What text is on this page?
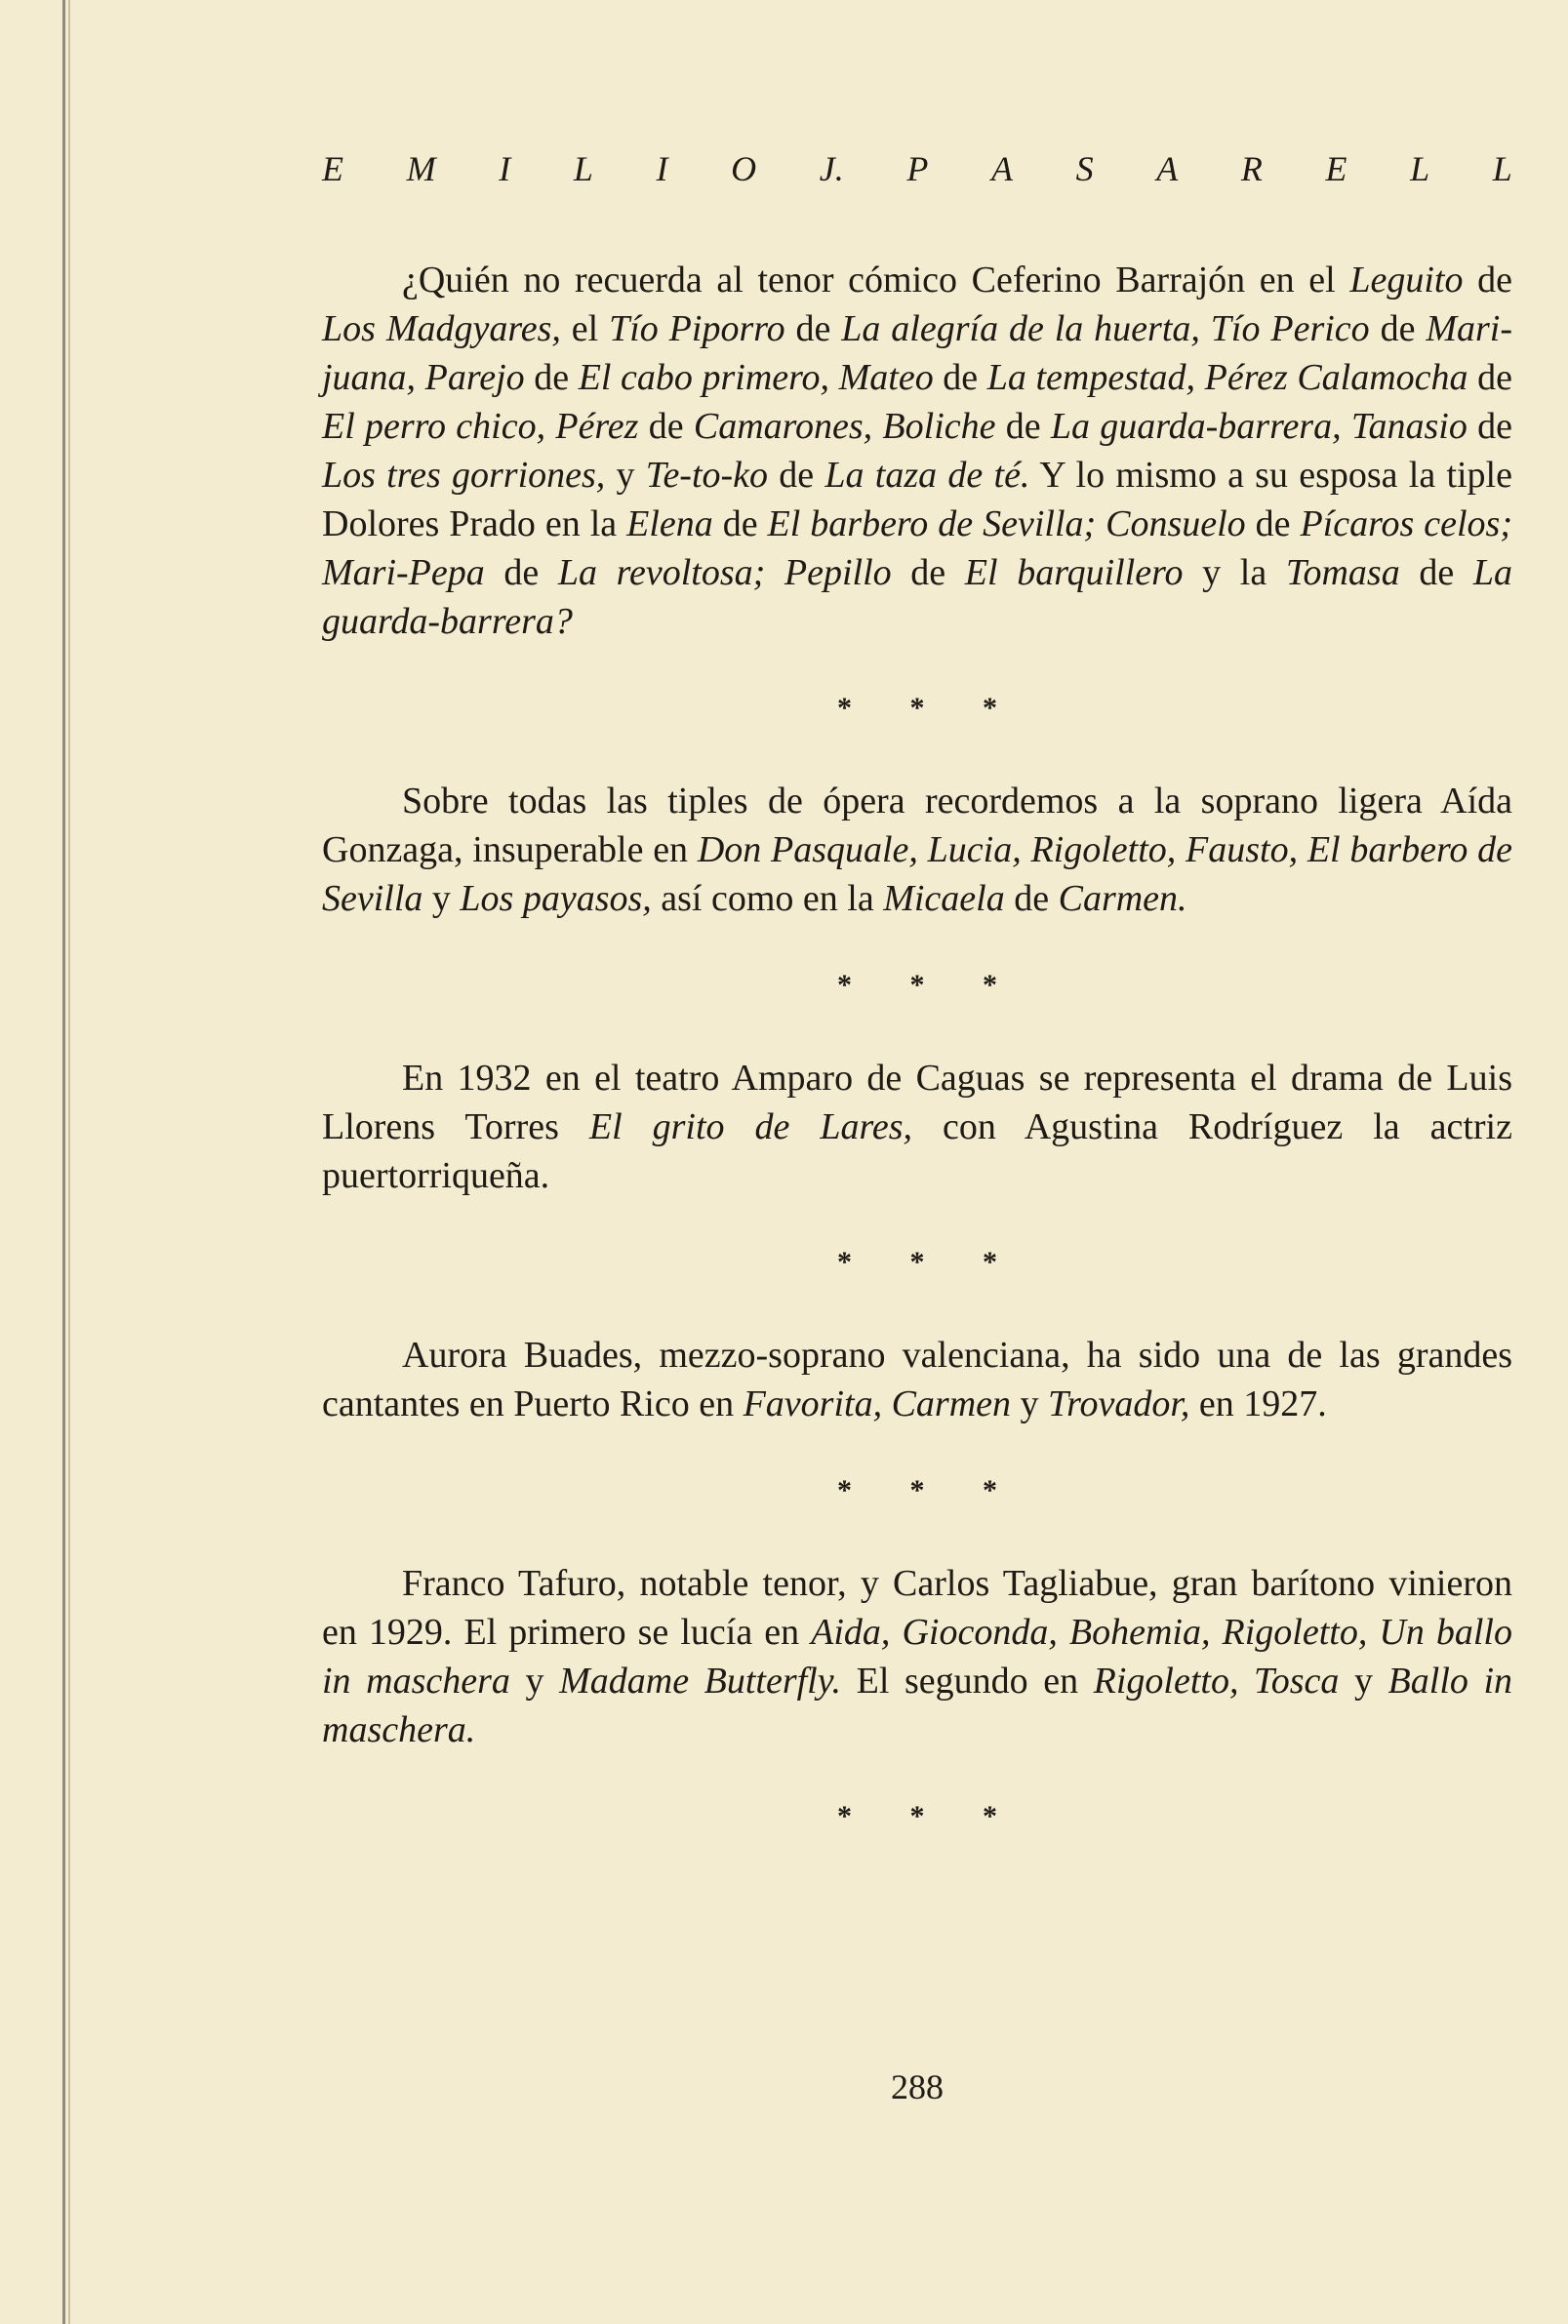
E M I L I O J. P A S A R E L L

¿Quién no recuerda al tenor cómico Ceferino Barrajón en el Leguito de Los Madgyares, el Tío Piporro de La alegría de la huerta, Tío Perico de Mari-juana, Parejo de El cabo primero, Mateo de La tempestad, Pérez Calamocha de El perro chico, Pérez de Camarones, Boliche de La guarda-barrera, Tanasio de Los tres gorriones, y Te-to-ko de La taza de té. Y lo mismo a su esposa la tiple Dolores Prado en la Elena de El barbero de Sevilla; Consuelo de Pícaros celos; Mari-Pepa de La revoltosa; Pepillo de El barquillero y la Tomasa de La guarda-barrera?

* * *

Sobre todas las tiples de ópera recordemos a la soprano ligera Aída Gonzaga, insuperable en Don Pasquale, Lucia, Rigoletto, Fausto, El barbero de Sevilla y Los payasos, así como en la Micaela de Carmen.

* * *

En 1932 en el teatro Amparo de Caguas se representa el drama de Luis Llorens Torres El grito de Lares, con Agustina Rodríguez la actriz puertorriqueña.

* * *

Aurora Buades, mezzo-soprano valenciana, ha sido una de las grandes cantantes en Puerto Rico en Favorita, Carmen y Trovador, en 1927.

* * *

Franco Tafuro, notable tenor, y Carlos Tagliabue, gran barítono vinieron en 1929. El primero se lucía en Aida, Gioconda, Bohemia, Rigoletto, Un ballo in maschera y Madame Butterfly. El segundo en Rigoletto, Tosca y Ballo in maschera.

* * *
288
